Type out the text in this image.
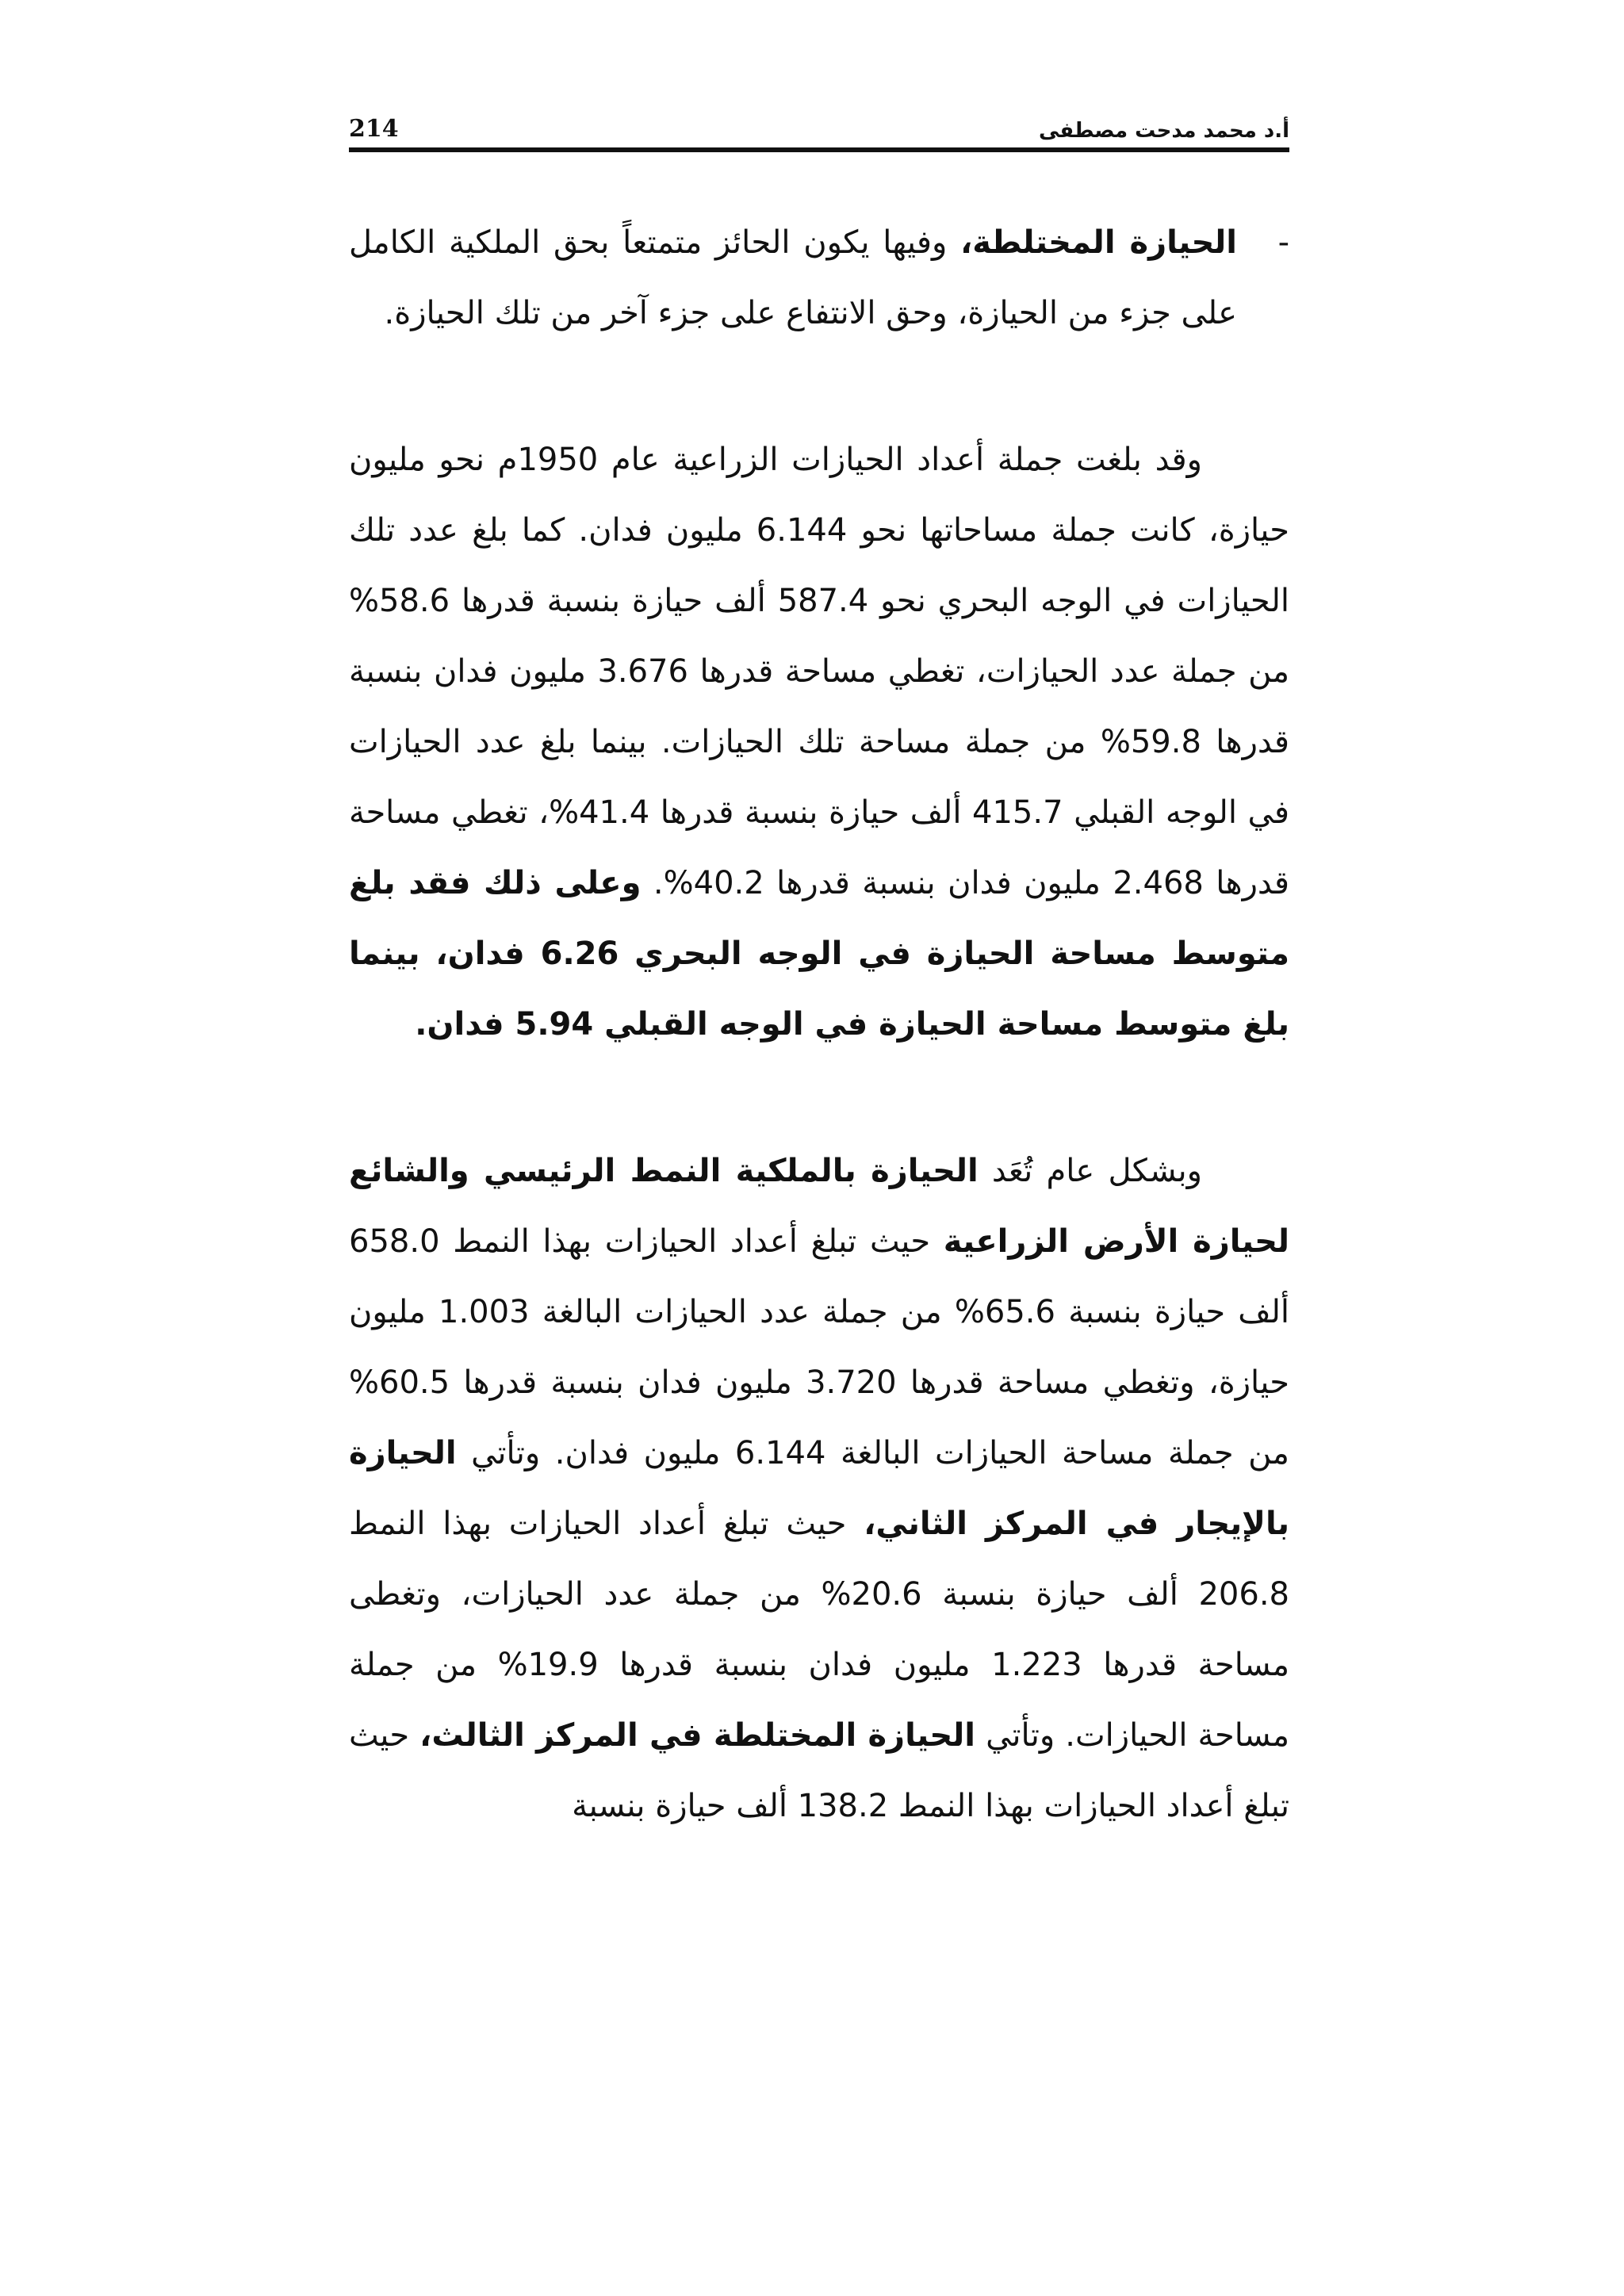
214	أ.د محمد مدحت مصطفى
-
الحيازة المختلطة، وفيها يكون الحائز متمتعاً بحق الملكية الكامل على جزء من الحيازة، وحق الانتفاع على جزء آخر من تلك الحيازة.

وقد بلغت جملة أعداد الحيازات الزراعية عام 1950م نحو مليون حيازة، كانت جملة مساحاتها نحو 6.144 مليون فدان. كما بلغ عدد تلك الحيازات في الوجه البحري نحو 587.4 ألف حيازة بنسبة قدرها 58.6% من جملة عدد الحيازات، تغطي مساحة قدرها 3.676 مليون فدان بنسبة قدرها 59.8% من جملة مساحة تلك الحيازات. بينما بلغ عدد الحيازات في الوجه القبلي 415.7 ألف حيازة بنسبة قدرها 41.4%، تغطي مساحة قدرها 2.468 مليون فدان بنسبة قدرها 40.2%. وعلى ذلك فقد بلغ متوسط مساحة الحيازة في الوجه البحري 6.26 فدان، بينما بلغ متوسط مساحة الحيازة في الوجه القبلي 5.94 فدان.

وبشكل عام تُعَد الحيازة بالملكية النمط الرئيسي والشائع لحيازة الأرض الزراعية حيث تبلغ أعداد الحيازات بهذا النمط 658.0 ألف حيازة بنسبة 65.6% من جملة عدد الحيازات البالغة 1.003 مليون حيازة، وتغطي مساحة قدرها 3.720 مليون فدان بنسبة قدرها 60.5% من جملة مساحة الحيازات البالغة 6.144 مليون فدان. وتأتي الحيازة بالإيجار في المركز الثاني، حيث تبلغ أعداد الحيازات بهذا النمط 206.8 ألف حيازة بنسبة 20.6% من جملة عدد الحيازات، وتغطى مساحة قدرها 1.223 مليون فدان بنسبة قدرها 19.9% من جملة مساحة الحيازات. وتأتي الحيازة المختلطة في المركز الثالث، حيث تبلغ أعداد الحيازات بهذا النمط 138.2 ألف حيازة بنسبة
